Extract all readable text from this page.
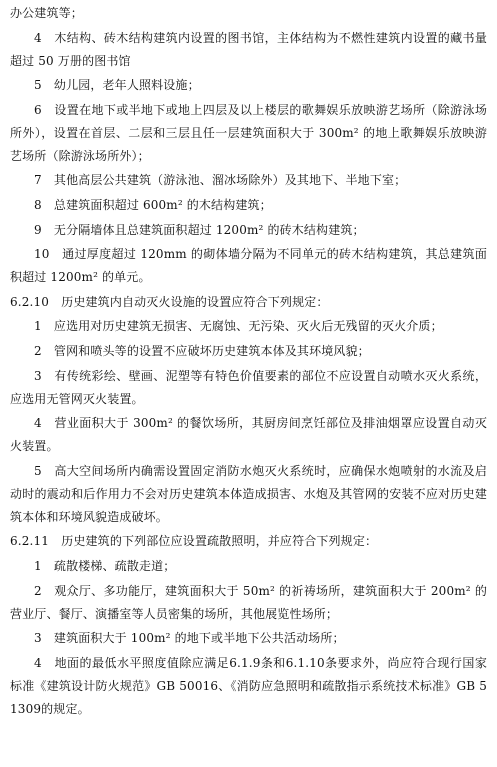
办公建筑等；

4　木结构、砖木结构建筑内设置的图书馆，主体结构为不燃性建筑内设置的藏书量超过 50 万册的图书馆

5　幼儿园，老年人照料设施；

6　设置在地下或半地下或地上四层及以上楼层的歌舞娱乐放映游艺场所（除游泳场所外），设置在首层、二层和三层且任一层建筑面积大于 300m² 的地上歌舞娱乐放映游艺场所（除游泳场所外）；

7　其他高层公共建筑（游泳池、溜冰场除外）及其地下、半地下室；

8　总建筑面积超过 600m² 的木结构建筑；

9　无分隔墙体且总建筑面积超过 1200m² 的砖木结构建筑；

10　通过厚度超过 120mm 的砌体墙分隔为不同单元的砖木结构建筑，其总建筑面积超过 1200m² 的单元。

6.2.10　历史建筑内自动灭火设施的设置应符合下列规定：

1　应选用对历史建筑无损害、无腐蚀、无污染、灭火后无残留的灭火介质；

2　管网和喷头等的设置不应破坏历史建筑本体及其环境风貌；

3　有传统彩绘、壁画、泥塑等有特色价值要素的部位不应设置自动喷水灭火系统，应选用无管网灭火装置。

4　营业面积大于 300m² 的餐饮场所，其厨房间烹饪部位及排油烟罩应设置自动灭火装置。

5　高大空间场所内确需设置固定消防水炮灭火系统时，应确保水炮喷射的水流及启动时的震动和后作用力不会对历史建筑本体造成损害、水炮及其管网的安装不应对历史建筑本体和环境风貌造成破坏。

6.2.11　历史建筑的下列部位应设置疏散照明，并应符合下列规定：

1　疏散楼梯、疏散走道；

2　观众厅、多功能厅，建筑面积大于 50m² 的祈祷场所，建筑面积大于 200m² 的营业厅、餐厅、演播室等人员密集的场所，其他展览性场所；

3　建筑面积大于 100m² 的地下或半地下公共活动场所；

4　地面的最低水平照度值除应满足6.1.9条和6.1.10条要求外，尚应符合现行国家标准《建筑设计防火规范》GB 50016、《消防应急照明和疏散指示系统技术标准》GB 51309的规定。
